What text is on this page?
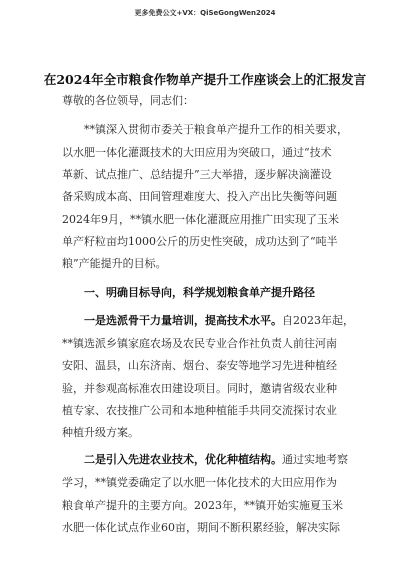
更多免费公文+VX：QiSeGongWen2024
在2024年全市粮食作物单产提升工作座谈会上的汇报发言
尊敬的各位领导，同志们：
**镇深入贯彻市委关于粮食单产提升工作的相关要求，
以水肥一体化灌溉技术的大田应用为突破口，通过“技术
革新、试点推广、总结提升”三大举措，逐步解决滴灌设
备采购成本高、田间管理难度大、投入产出比失衡等问题
2024年9月，**镇水肥一体化灌溉应用推广田实现了玉米
单产籽粒亩均1000公斤的历史性突破，成功达到了“吨半
粮”产能提升的目标。
一、明确目标导向，科学规划粮食单产提升路径
一是选派骨干力量培训，提高技术水平。自2023年起，
**镇选派乡镇家庭农场及农民专业合作社负责人前往河南
安阳、温县，山东济南、烟台、泰安等地学习先进种植经
验，并参观高标准农田建设项目。同时，邀请省级农业种
植专家、农技推广公司和本地种植能手共同交流探讨农业
种植升级方案。
二是引入先进农业技术，优化种植结构。通过实地考察
学习，**镇党委确定了以水肥一体化技术的大田应用作为
粮食单产提升的主要方向。2023年，**镇开始实施夏玉米
水肥一体化试点作业60亩，期间不断积累经验，解决实际
